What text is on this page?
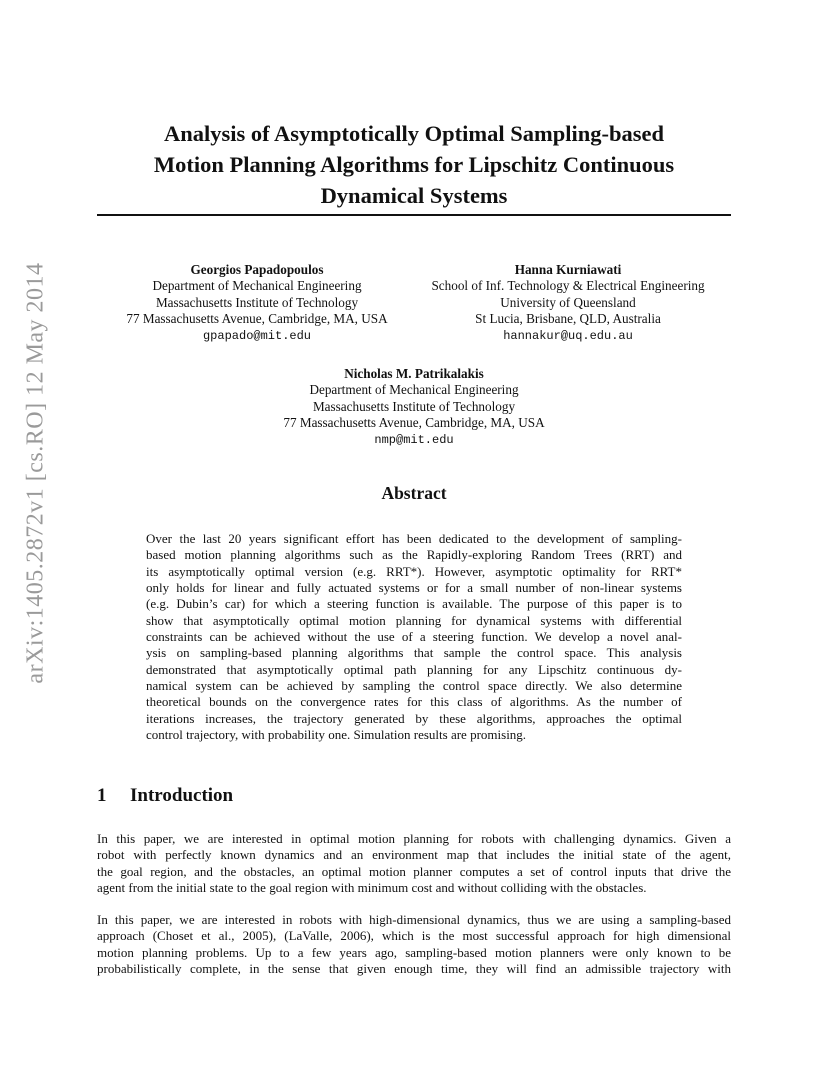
arXiv:1405.2872v1 [cs.RO] 12 May 2014
Analysis of Asymptotically Optimal Sampling-based
Motion Planning Algorithms for Lipschitz Continuous
Dynamical Systems
Georgios Papadopoulos
Department of Mechanical Engineering
Massachusetts Institute of Technology
77 Massachusetts Avenue, Cambridge, MA, USA
gpapado@mit.edu
Hanna Kurniawati
School of Inf. Technology & Electrical Engineering
University of Queensland
St Lucia, Brisbane, QLD, Australia
hannakur@uq.edu.au
Nicholas M. Patrikalakis
Department of Mechanical Engineering
Massachusetts Institute of Technology
77 Massachusetts Avenue, Cambridge, MA, USA
nmp@mit.edu
Abstract
Over the last 20 years significant effort has been dedicated to the development of sampling-
based motion planning algorithms such as the Rapidly-exploring Random Trees (RRT) and
its asymptotically optimal version (e.g. RRT*). However, asymptotic optimality for RRT*
only holds for linear and fully actuated systems or for a small number of non-linear systems
(e.g. Dubin’s car) for which a steering function is available. The purpose of this paper is to
show that asymptotically optimal motion planning for dynamical systems with differential
constraints can be achieved without the use of a steering function. We develop a novel anal-
ysis on sampling-based planning algorithms that sample the control space. This analysis
demonstrated that asymptotically optimal path planning for any Lipschitz continuous dy-
namical system can be achieved by sampling the control space directly. We also determine
theoretical bounds on the convergence rates for this class of algorithms. As the number of
iterations increases, the trajectory generated by these algorithms, approaches the optimal
control trajectory, with probability one. Simulation results are promising.
1 Introduction
In this paper, we are interested in optimal motion planning for robots with challenging dynamics. Given a
robot with perfectly known dynamics and an environment map that includes the initial state of the agent,
the goal region, and the obstacles, an optimal motion planner computes a set of control inputs that drive the
agent from the initial state to the goal region with minimum cost and without colliding with the obstacles.
In this paper, we are interested in robots with high-dimensional dynamics, thus we are using a sampling-based
approach (Choset et al., 2005), (LaValle, 2006), which is the most successful approach for high dimensional
motion planning problems. Up to a few years ago, sampling-based motion planners were only known to be
probabilistically complete, in the sense that given enough time, they will find an admissible trajectory with
